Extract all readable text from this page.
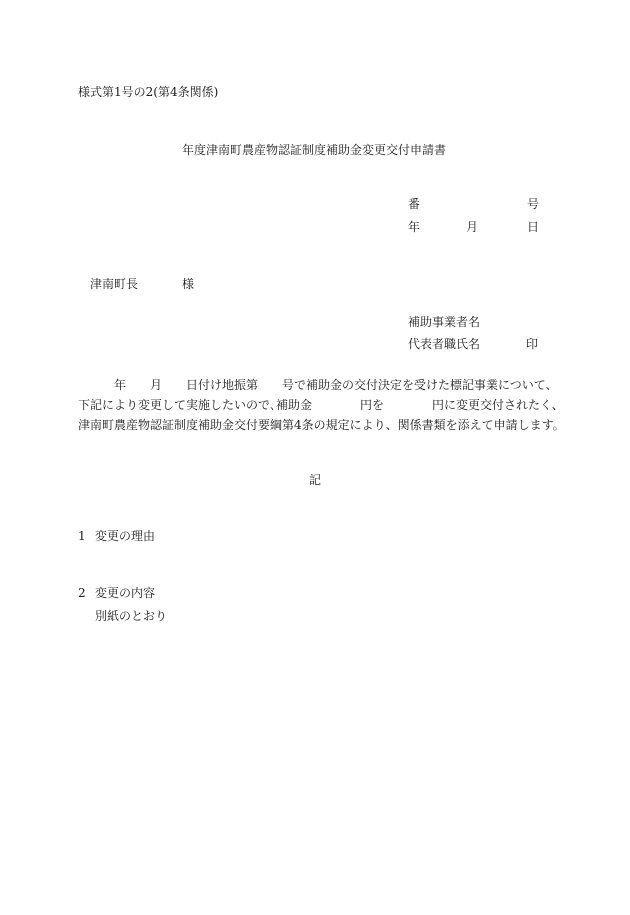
様式第1号の2(第4条関係)
年度津南町農産物認証制度補助金変更交付申請書
番	号
年	月	日
津南町長	様
補助事業者名
代表者職氏名	印
　　　年　　月　　日付け地振第　　号で補助金の交付決定を受けた標記事業について、
下記により変更して実施したいので､補助金　　　　円を　　　　円に変更交付されたく、
津南町農産物認証制度補助金交付要綱第4条の規定により、関係書類を添えて申請します。
記
1 変更の理由
2 変更の内容
別紙のとおり
